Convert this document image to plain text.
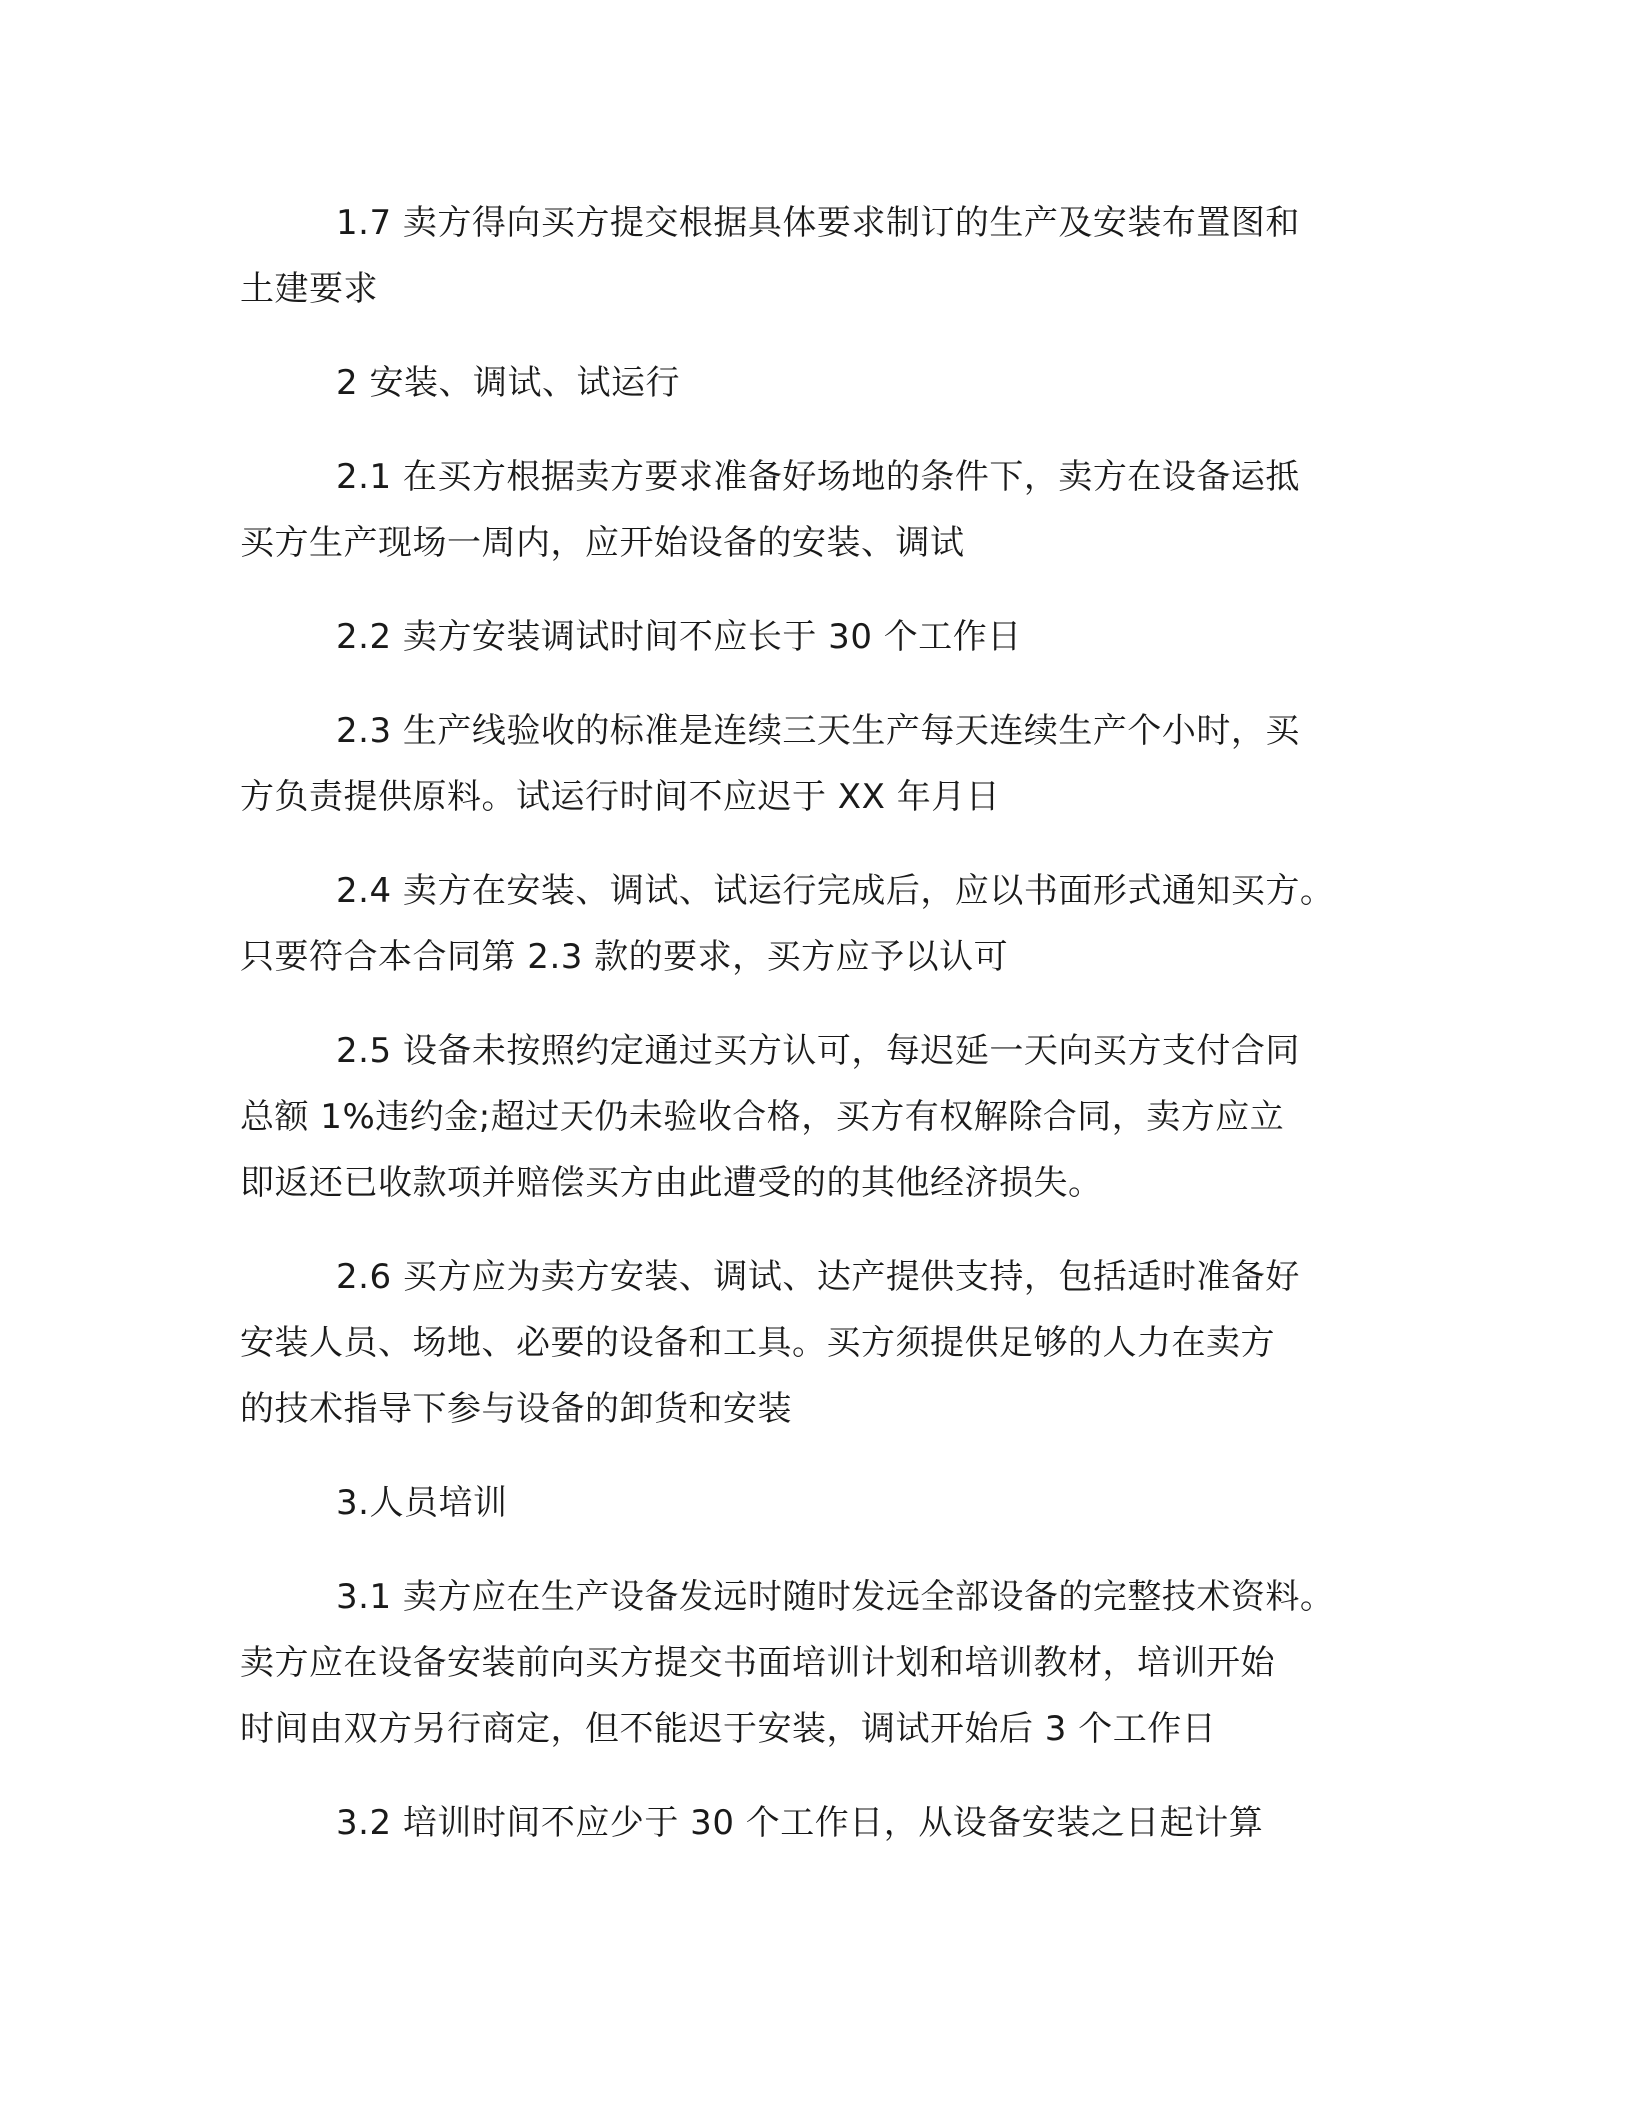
1.7 卖方得向买方提交根据具体要求制订的生产及安装布置图和
土建要求

2 安装、调试、试运行

2.1 在买方根据卖方要求准备好场地的条件下，卖方在设备运抵
买方生产现场一周内，应开始设备的安装、调试

2.2 卖方安装调试时间不应长于 30 个工作日

2.3 生产线验收的标准是连续三天生产每天连续生产个小时，买
方负责提供原料。试运行时间不应迟于 XX 年月日

2.4 卖方在安装、调试、试运行完成后，应以书面形式通知买方。
只要符合本合同第 2.3 款的要求，买方应予以认可

2.5 设备未按照约定通过买方认可，每迟延一天向买方支付合同
总额 1%违约金;超过天仍未验收合格，买方有权解除合同，卖方应立
即返还已收款项并赔偿买方由此遭受的的其他经济损失。

2.6 买方应为卖方安装、调试、达产提供支持，包括适时准备好
安装人员、场地、必要的设备和工具。买方须提供足够的人力在卖方
的技术指导下参与设备的卸货和安装

3.人员培训

3.1 卖方应在生产设备发远时随时发远全部设备的完整技术资料。
卖方应在设备安装前向买方提交书面培训计划和培训教材，培训开始
时间由双方另行商定，但不能迟于安装，调试开始后 3 个工作日

3.2 培训时间不应少于 30 个工作日，从设备安装之日起计算
